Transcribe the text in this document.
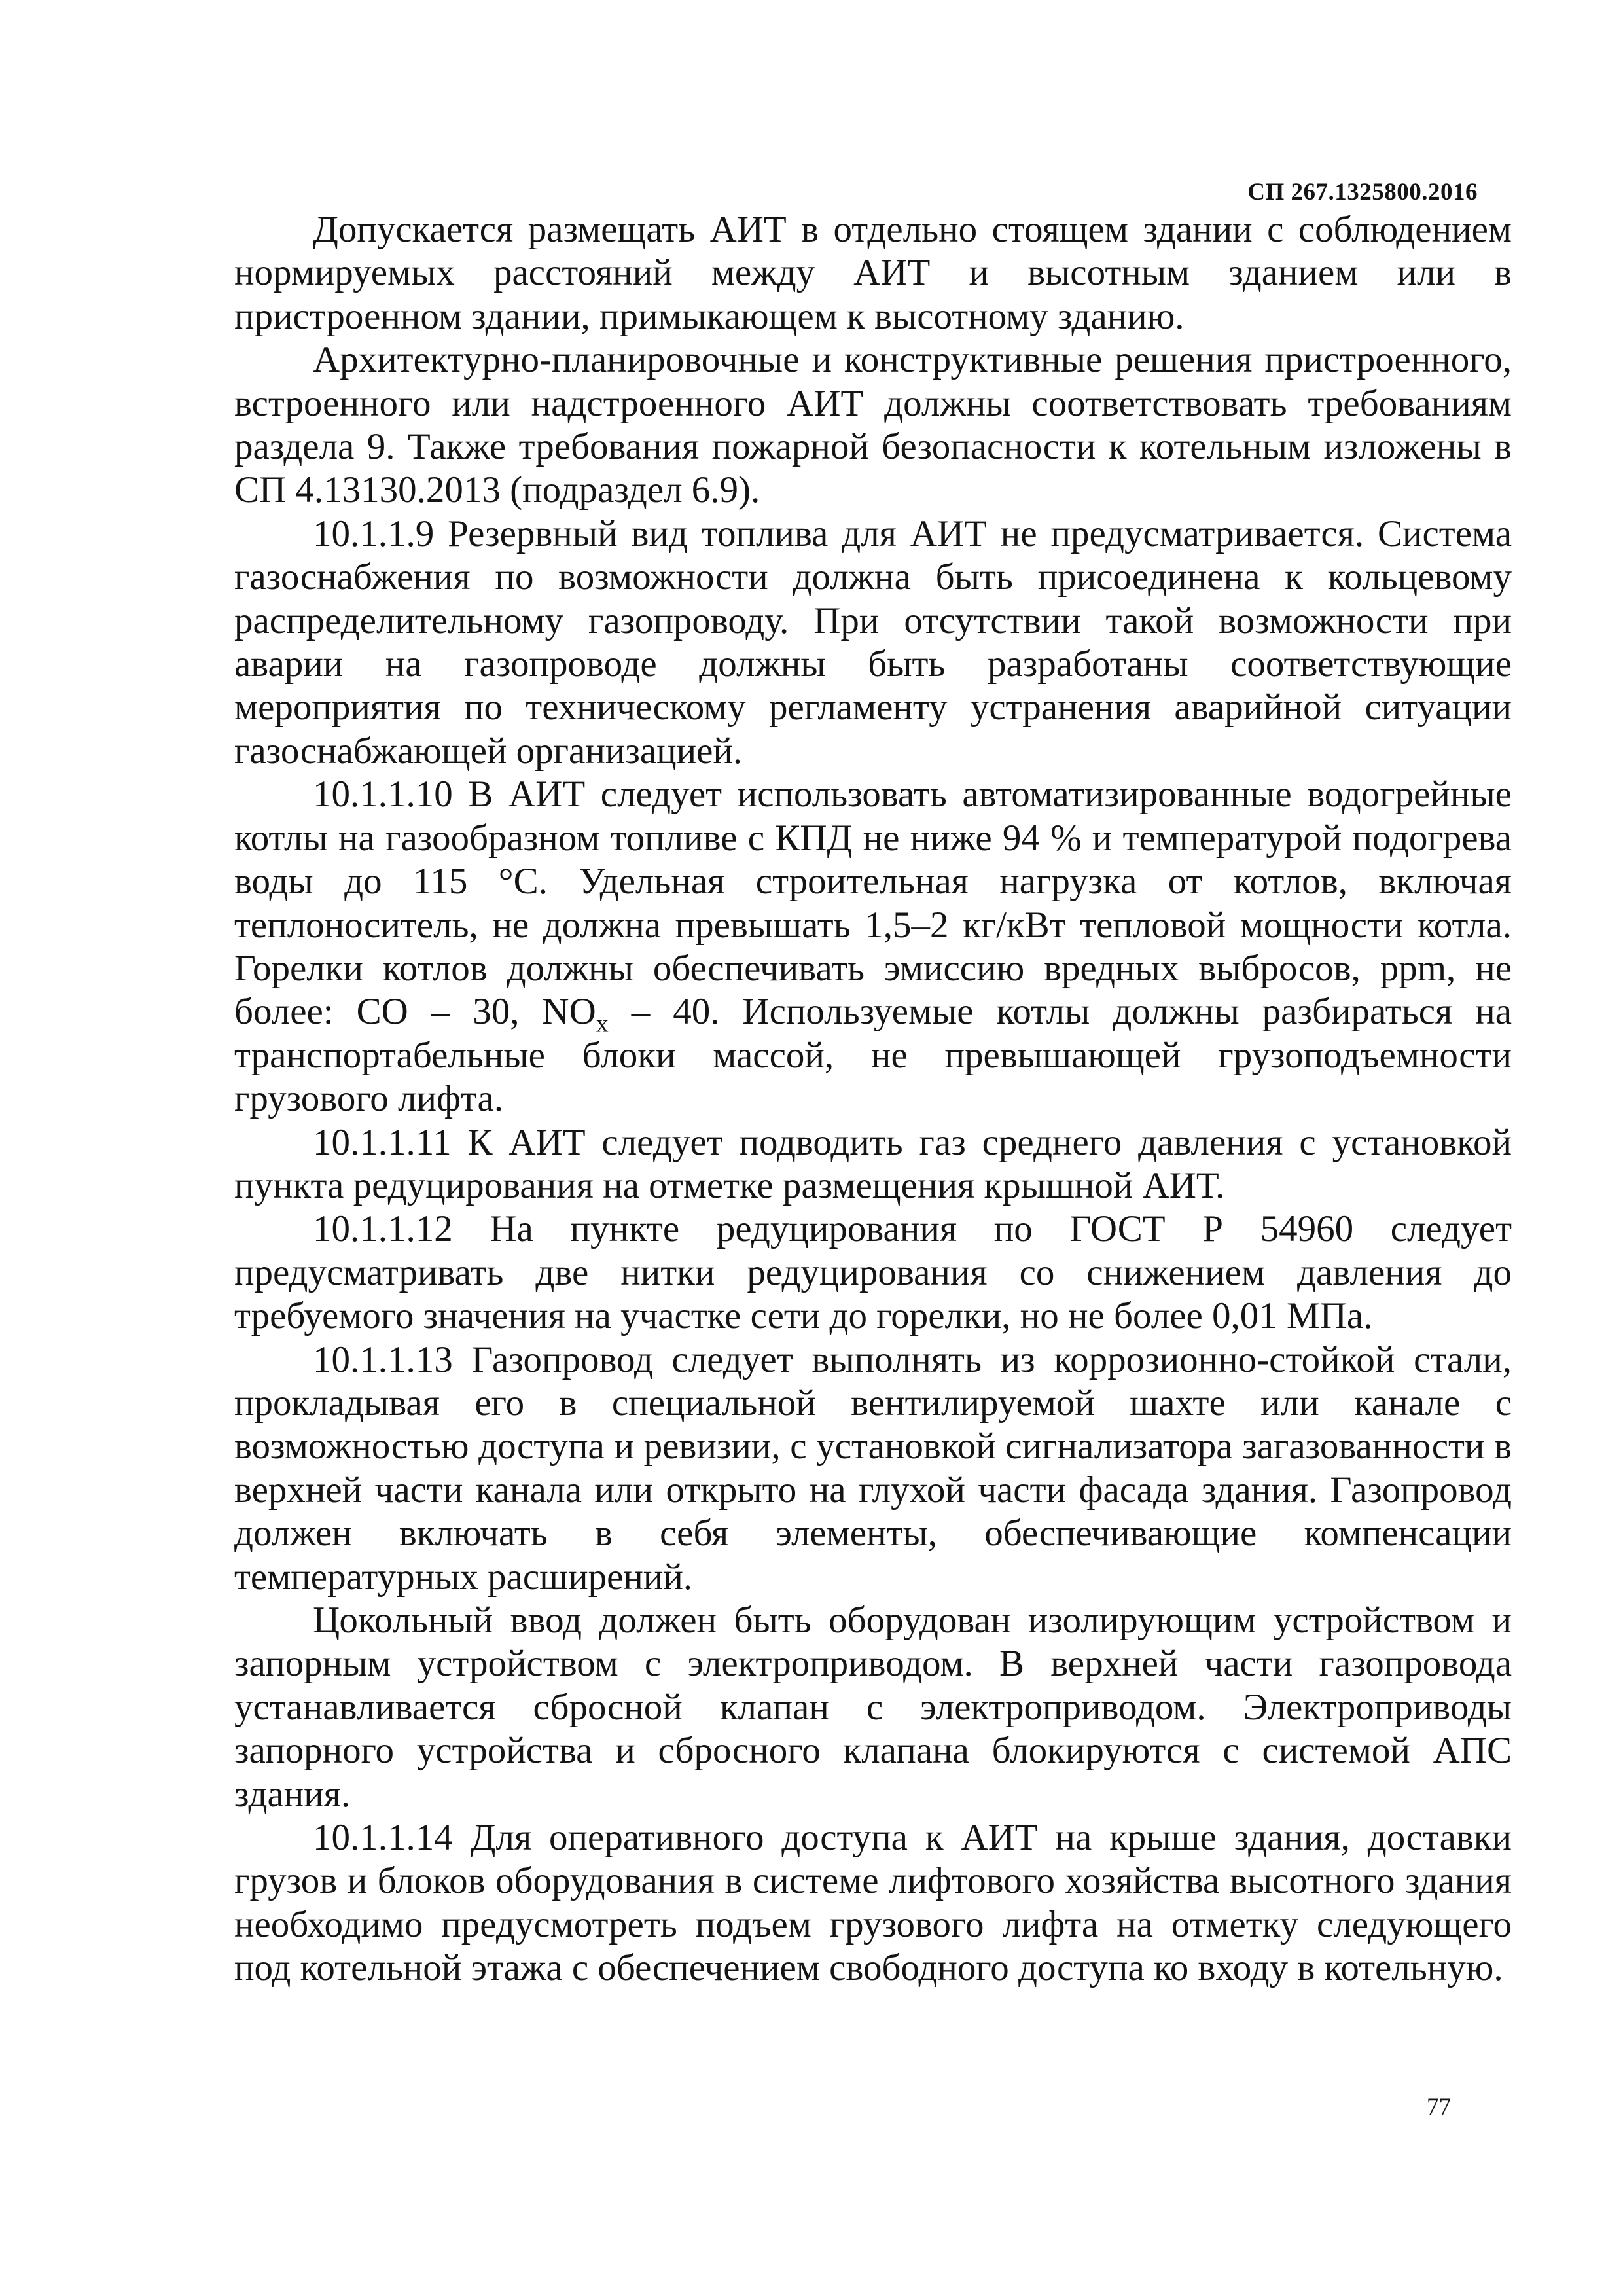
СП 267.1325800.2016

Допускается размещать АИТ в отдельно стоящем здании с соблюдением нормируемых расстояний между АИТ и высотным зданием или в пристроенном здании, примыкающем к высотному зданию.

Архитектурно-планировочные и конструктивные решения пристроенного, встроенного или надстроенного АИТ должны соответствовать требованиям раздела 9. Также требования пожарной безопасности к котельным изложены в СП 4.13130.2013 (подраздел 6.9).

10.1.1.9 Резервный вид топлива для АИТ не предусматривается. Система газоснабжения по возможности должна быть присоединена к кольцевому распределительному газопроводу. При отсутствии такой возможности при аварии на газопроводе должны быть разработаны соответствующие мероприятия по техническому регламенту устранения аварийной ситуации газоснабжающей организацией.

10.1.1.10 В АИТ следует использовать автоматизированные водогрейные котлы на газообразном топливе с КПД не ниже 94 % и температурой подогрева воды до 115 °С. Удельная строительная нагрузка от котлов, включая теплоноситель, не должна превышать 1,5–2 кг/кВт тепловой мощности котла. Горелки котлов должны обеспечивать эмиссию вредных выбросов, ppm, не более: СО – 30, $NO_x - 40$. Используемые котлы должны разбираться на транспортабельные блоки массой, не превышающей грузоподъемности грузового лифта.

10.1.1.11 К АИТ следует подводить газ среднего давления с установкой пункта редуцирования на отметке размещения крышной АИТ.

10.1.1.12 На пункте редуцирования по ГОСТ Р 54960 следует предусматривать две нитки редуцирования со снижением давления до требуемого значения на участке сети до горелки, но не более 0,01 МПа.

10.1.1.13 Газопровод следует выполнять из коррозионно-стойкой стали, прокладывая его в специальной вентилируемой шахте или канале с возможностью доступа и ревизии, с установкой сигнализатора загазованности в верхней части канала или открыто на глухой части фасада здания. Газопровод должен включать в себя элементы, обеспечивающие компенсации температурных расширений.

Цокольный ввод должен быть оборудован изолирующим устройством и запорным устройством с электроприводом. В верхней части газопровода устанавливается сбросной клапан с электроприводом. Электроприводы запорного устройства и сбросного клапана блокируются с системой АПС здания.

10.1.1.14 Для оперативного доступа к АИТ на крыше здания, доставки грузов и блоков оборудования в системе лифтового хозяйства высотного здания необходимо предусмотреть подъем грузового лифта на отметку следующего под котельной этажа с обеспечением свободного доступа ко входу в котельную.

77
